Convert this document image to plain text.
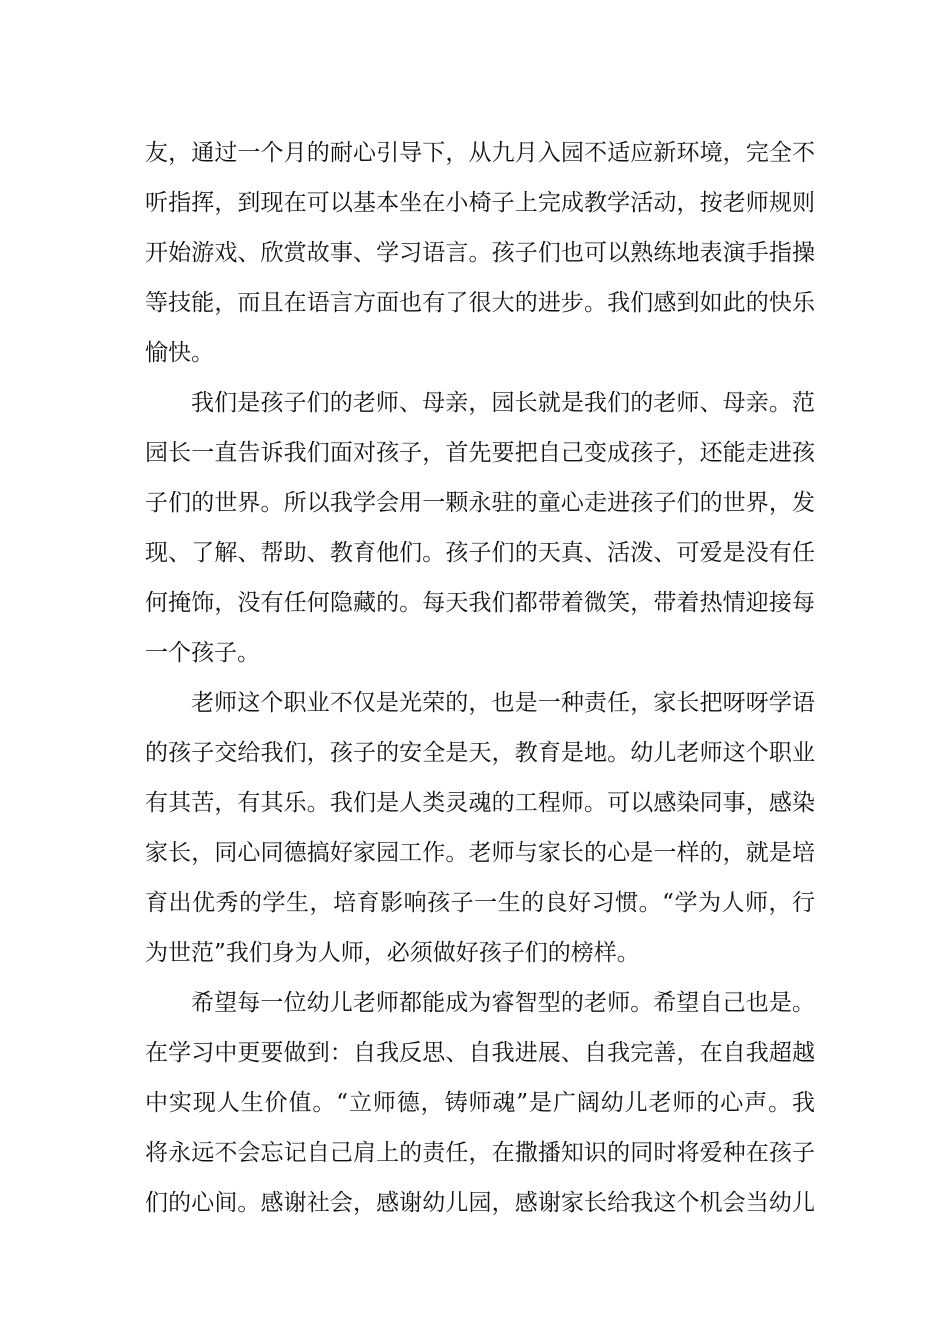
友，通过一个月的耐心引导下，从九月入园不适应新环境，完全不
听指挥，到现在可以基本坐在小椅子上完成教学活动，按老师规则
开始游戏、欣赏故事、学习语言。孩子们也可以熟练地表演手指操
等技能，而且在语言方面也有了很大的进步。我们感到如此的快乐
愉快。
我们是孩子们的老师、母亲，园长就是我们的老师、母亲。范
园长一直告诉我们面对孩子，首先要把自己变成孩子，还能走进孩
子们的世界。所以我学会用一颗永驻的童心走进孩子们的世界，发
现、了解、帮助、教育他们。孩子们的天真、活泼、可爱是没有任
何掩饰，没有任何隐藏的。每天我们都带着微笑，带着热情迎接每
一个孩子。
老师这个职业不仅是光荣的，也是一种责任，家长把呀呀学语
的孩子交给我们，孩子的安全是天，教育是地。幼儿老师这个职业
有其苦，有其乐。我们是人类灵魂的工程师。可以感染同事，感染
家长，同心同德搞好家园工作。老师与家长的心是一样的，就是培
育出优秀的学生，培育影响孩子一生的良好习惯。“学为人师，行
为世范”我们身为人师，必须做好孩子们的榜样。
希望每一位幼儿老师都能成为睿智型的老师。希望自己也是。
在学习中更要做到：自我反思、自我进展、自我完善，在自我超越
中实现人生价值。“立师德，铸师魂”是广阔幼儿老师的心声。我
将永远不会忘记自己肩上的责任，在撒播知识的同时将爱种在孩子
们的心间。感谢社会，感谢幼儿园，感谢家长给我这个机会当幼儿
